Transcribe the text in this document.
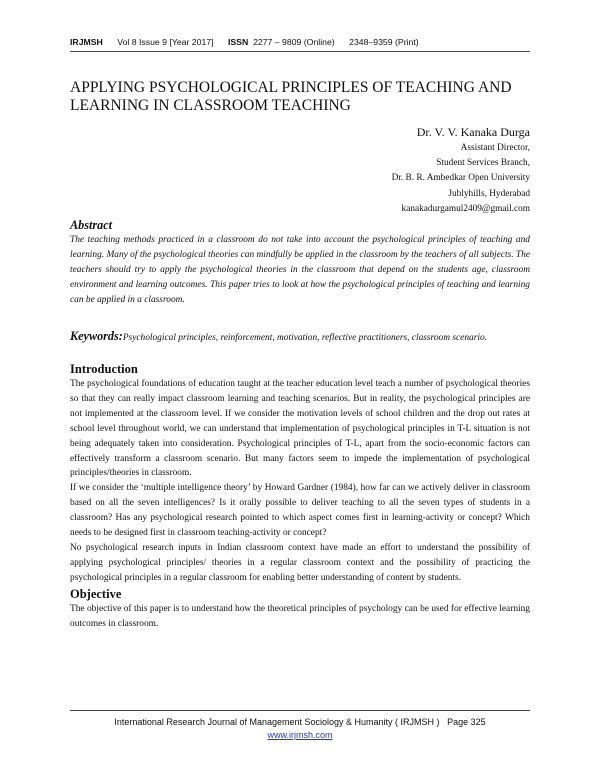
IRJMSH Vol 8 Issue 9 [Year 2017] ISSN 2277 – 9809 (Online) 2348–9359 (Print)
APPLYING PSYCHOLOGICAL PRINCIPLES OF TEACHING AND LEARNING IN CLASSROOM TEACHING
Dr. V. V. Kanaka Durga
Assistant Director,
Student Services Branch,
Dr. B. R. Ambedkar Open University
Jublyhills, Hyderabad
kanakadurgamul2409@gmail.com
Abstract
The teaching methods practiced in a classroom do not take into account the psychological principles of teaching and learning. Many of the psychological theories can mindfully be applied in the classroom by the teachers of all subjects. The teachers should try to apply the psychological theories in the classroom that depend on the students age, classroom environment and learning outcomes. This paper tries to look at how the psychological principles of teaching and learning can be applied in a classroom.
Keywords:Psychological principles, reinforcement, motivation, reflective practitioners, classroom scenario.
Introduction

The psychological foundations of education taught at the teacher education level teach a number of psychological theories so that they can really impact classroom learning and teaching scenarios. But in reality, the psychological principles are not implemented at the classroom level. If we consider the motivation levels of school children and the drop out rates at school level throughout world, we can understand that implementation of psychological principles in T-L situation is not being adequately taken into consideration. Psychological principles of T-L, apart from the socio-economic factors can effectively transform a classroom scenario. But many factors seem to impede the implementation of psychological principles/theories in classroom.

If we consider the ‘multiple intelligence theory’ by Howard Gardner (1984), how far can we actively deliver in classroom based on all the seven intelligences? Is it orally possible to deliver teaching to all the seven types of students in a classroom? Has any psychological research pointed to which aspect comes first in learning-activity or concept? Which needs to be designed first in classroom teaching-activity or concept?

No psychological research inputs in Indian classroom context have made an effort to understand the possibility of applying psychological principles/ theories in a regular classroom context and the possibility of practicing the psychological principles in a regular classroom for enabling better understanding of content by students.

Objective

The objective of this paper is to understand how the theoretical principles of psychology can be used for effective learning outcomes in classroom.

International Research Journal of Management Sociology & Humanity ( IRJMSH ) Page 325
www.irjmsh.com
